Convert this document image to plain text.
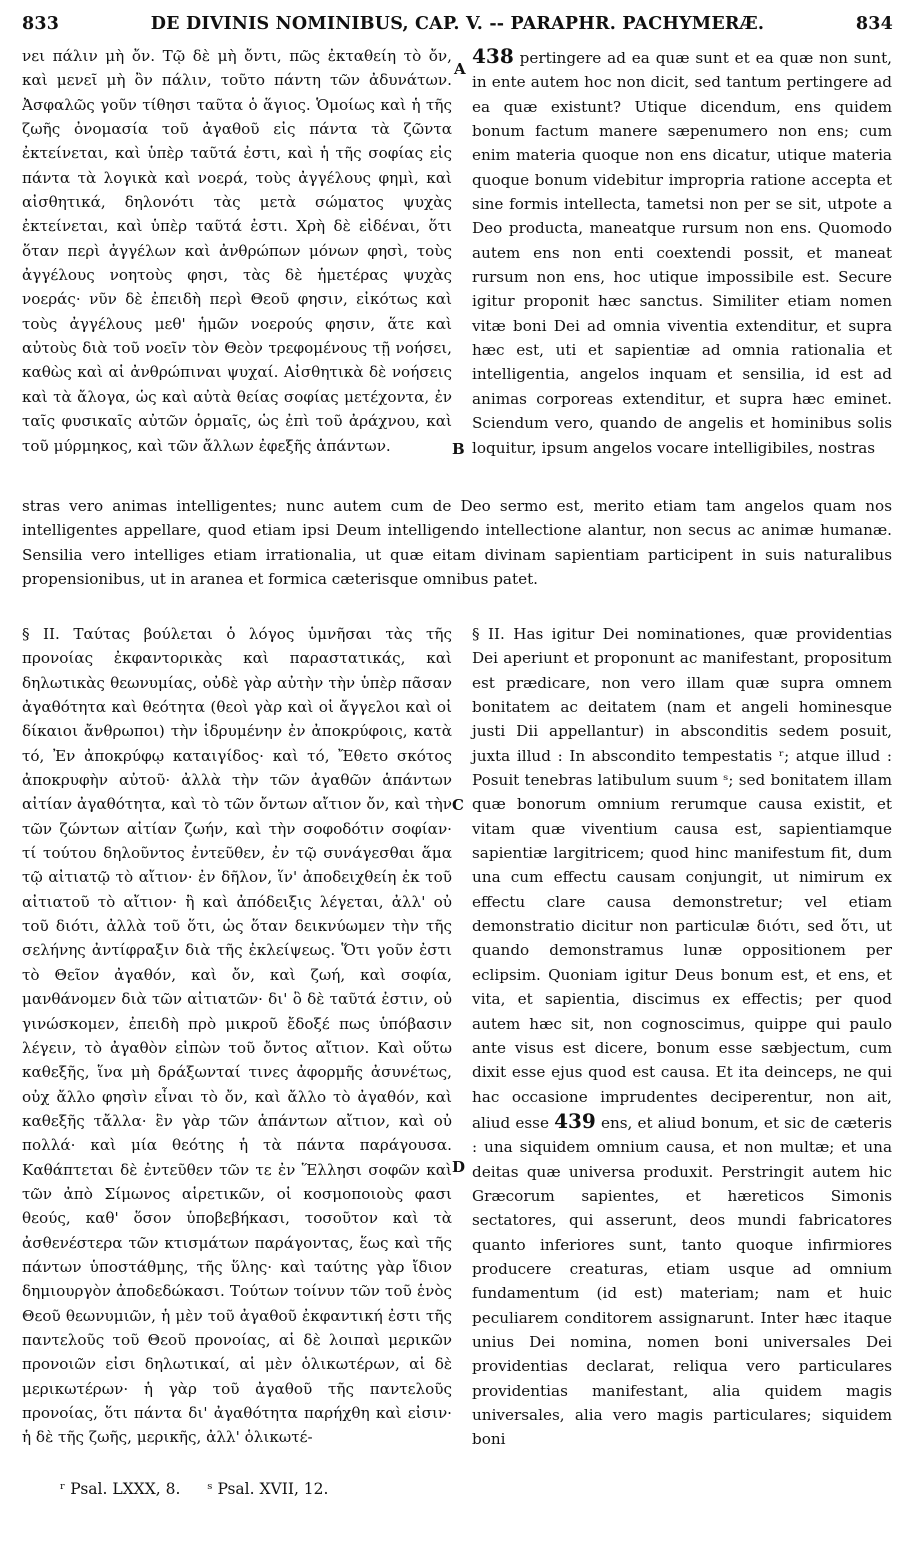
833	DE DIVINIS NOMINIBUS, CAP. V. -- PARAPHR. PACHYMERÆ.	834

νει πάλιν μὴ ὄν. Τῷ δὲ μὴ ὄντι, πῶς ἐκταθείη τὸ ὄν, καὶ μενεῖ μὴ ὂν πάλιν, τοῦτο πάντη τῶν ἀδυνάτων. Ἀσφαλῶς γοῦν τίθησι ταῦτα ὁ ἅγιος. Ὁμοίως καὶ ἡ τῆς ζωῆς ὀνομασία τοῦ ἀγαθοῦ εἰς πάντα τὰ ζῶντα ἐκτείνεται, καὶ ὑπὲρ ταῦτά ἐστι, καὶ ἡ τῆς σοφίας εἰς πάντα τὰ λογικὰ καὶ νοερά, τοὺς ἀγγέλους φημὶ, καὶ αἰσθητικά, δηλονότι τὰς μετὰ σώματος ψυχὰς ἐκτείνεται, καὶ ὑπὲρ ταῦτά ἐστι. Χρὴ δὲ εἰδέναι, ὅτι ὅταν περὶ ἀγγέλων καὶ ἀνθρώπων μόνων φησὶ, τοὺς ἀγγέλους νοητοὺς φησι, τὰς δὲ ἡμετέρας ψυχὰς νοεράς· νῦν δὲ ἐπειδὴ περὶ Θεοῦ φησιν, εἰκότως καὶ τοὺς ἀγγέλους μεθ' ἡμῶν νοερούς φησιν, ἅτε καὶ αὐτοὺς διὰ τοῦ νοεῖν τὸν Θεὸν τρεφομένους τῇ νοήσει, καθὼς καὶ αἱ ἀνθρώπιναι ψυχαί. Αἰσθητικὰ δὲ νοήσεις καὶ τὰ ἄλογα, ὡς καὶ αὐτὰ θείας σοφίας μετέχοντα, ἐν ταῖς φυσικαῖς αὐτῶν ὁρμαῖς, ὡς ἐπὶ τοῦ ἀράχνου, καὶ τοῦ μύρμηκος, καὶ τῶν ἄλλων ἐφεξῆς ἁπάντων.

A

438 pertingere ad ea quæ sunt et ea quæ non sunt, in ente autem hoc non dicit, sed tantum pertingere ad ea quæ existunt? Utique dicendum, ens quidem bonum factum manere sæpenumero non ens; cum enim materia quoque non ens dicatur, utique materia quoque bonum videbitur impropria ratione accepta et sine formis intellecta, tametsi non per se sit, utpote a Deo producta, maneatque rursum non ens. Quomodo autem ens non enti coextendi possit, et maneat rursum non ens, hoc utique impossibile est. Secure igitur proponit hæc sanctus. Similiter etiam nomen vitæ boni Dei ad omnia viventia extenditur, et supra hæc est, uti et sapientiæ ad omnia rationalia et intelligentia, angelos inquam et sensilia, id est ad animas corporeas extenditur, et supra hæc eminet. Sciendum vero, quando de angelis et hominibus solis loquitur, ipsum angelos vocare intelligibiles, nostras

B

stras vero animas intelligentes; nunc autem cum de Deo sermo est, merito etiam tam angelos quam nos intelligentes appellare, quod etiam ipsi Deum intelligendo intellectione alantur, non secus ac animæ humanæ. Sensilia vero intelliges etiam irrationalia, ut quæ eitam divinam sapientiam participent in suis naturalibus propensionibus, ut in aranea et formica cæterisque omnibus patet.

§ II. Ταύτας βούλεται ὁ λόγος ὑμνῆσαι τὰς τῆς προνοίας ἐκφαντορικὰς καὶ παραστατικάς, καὶ δηλωτικὰς θεωνυμίας, οὐδὲ γὰρ αὐτὴν τὴν ὑπὲρ πᾶσαν ἀγαθότητα καὶ θεότητα (θεοὶ γὰρ καὶ οἱ ἄγγελοι καὶ οἱ δίκαιοι ἄνθρωποι) τὴν ἱδρυμένην ἐν ἀποκρύφοις, κατὰ τό, Ἐν ἀποκρύφῳ καταιγίδος· καὶ τό, Ἔθετο σκότος ἀποκρυφὴν αὐτοῦ· ἀλλὰ τὴν τῶν ἀγαθῶν ἁπάντων αἰτίαν ἀγαθότητα, καὶ τὸ τῶν ὄντων αἴτιον ὄν, καὶ τὴν τῶν ζώντων αἰτίαν ζωήν, καὶ τὴν σοφοδότιν σοφίαν· τί τούτου δηλοῦντος ἐντεῦθεν, ἐν τῷ συνάγεσθαι ἅμα τῷ αἰτιατῷ τὸ αἴτιον· ἐν δῆλον, ἵν' ἀποδειχθείη ἐκ τοῦ αἰτιατοῦ τὸ αἴτιον· ἢ καὶ ἀπόδειξις λέγεται, ἀλλ' οὐ τοῦ διότι, ἀλλὰ τοῦ ὅτι, ὡς ὅταν δεικνύωμεν τὴν τῆς σελήνης ἀντίφραξιν διὰ τῆς ἐκλείψεως. Ὅτι γοῦν ἐστι τὸ Θεῖον ἀγαθόν, καὶ ὄν, καὶ ζωή, καὶ σοφία, μανθάνομεν διὰ τῶν αἰτιατῶν· δι' ὃ δὲ ταῦτά ἐστιν, οὐ γινώσκομεν, ἐπειδὴ πρὸ μικροῦ ἔδοξέ πως ὑπόβασιν λέγειν, τὸ ἀγαθὸν εἰπὼν τοῦ ὄντος αἴτιον. Καὶ οὕτω καθεξῆς, ἵνα μὴ δράξωνταί τινες ἀφορμῆς ἀσυνέτως, οὐχ ἄλλο φησὶν εἶναι τὸ ὄν, καὶ ἄλλο τὸ ἀγαθόν, καὶ καθεξῆς τἄλλα· ἓν γὰρ τῶν ἁπάντων αἴτιον, καὶ οὐ πολλά· καὶ μία θεότης ἡ τὰ πάντα παράγουσα. Καθάπτεται δὲ ἐντεῦθεν τῶν τε ἐν Ἕλλησι σοφῶν καὶ τῶν ἀπὸ Σίμωνος αἱρετικῶν, οἱ κοσμοποιοὺς φασι θεούς, καθ' ὅσον ὑποβεβήκασι, τοσοῦτον καὶ τὰ ἀσθενέστερα τῶν κτισμάτων παράγοντας, ἕως καὶ τῆς πάντων ὑποστάθμης, τῆς ὕλης· καὶ ταύτης γὰρ ἴδιον δημιουργὸν ἀποδεδώκασι. Τούτων τοίνυν τῶν τοῦ ἑνὸς Θεοῦ θεωνυμιῶν, ἡ μὲν τοῦ ἀγαθοῦ ἐκφαντική ἐστι τῆς παντελοῦς τοῦ Θεοῦ προνοίας, αἱ δὲ λοιπαὶ μερικῶν προνοιῶν εἰσι δηλωτικαί, αἱ μὲν ὁλικωτέρων, αἱ δὲ μερικωτέρων· ἡ γὰρ τοῦ ἀγαθοῦ τῆς παντελοῦς προνοίας, ὅτι πάντα δι' ἀγαθότητα παρήχθη καὶ εἰσιν· ἡ δὲ τῆς ζωῆς, μερικῆς, ἀλλ' ὁλικωτέ-

C
D

§ II. Has igitur Dei nominationes, quæ providentias Dei aperiunt et proponunt ac manifestant, propositum est prædicare, non vero illam quæ supra omnem bonitatem ac deitatem (nam et angeli hominesque justi Dii appellantur) in absconditis sedem posuit, juxta illud : In abscondito tempestatis ʳ; atque illud : Posuit tenebras latibulum suum ˢ; sed bonitatem illam quæ bonorum omnium rerumque causa existit, et vitam quæ viventium causa est, sapientiamque sapientiæ largitricem; quod hinc manifestum fit, dum una cum effectu causam conjungit, ut nimirum ex effectu clare causa demonstretur; vel etiam demonstratio dicitur non particulæ διότι, sed ὅτι, ut quando demonstramus lunæ oppositionem per eclipsim. Quoniam igitur Deus bonum est, et ens, et vita, et sapientia, discimus ex effectis; per quod autem hæc sit, non cognoscimus, quippe qui paulo ante visus est dicere, bonum esse sæbjectum, cum dixit esse ejus quod est causa. Et ita deinceps, ne qui hac occasione imprudentes deciperentur, non ait, aliud esse 439 ens, et aliud bonum, et sic de cæteris : una siquidem omnium causa, et non multæ; et una deitas quæ universa produxit. Perstringit autem hic Græcorum sapientes, et hæreticos Simonis sectatores, qui asserunt, deos mundi fabricatores quanto inferiores sunt, tanto quoque infirmiores producere creaturas, etiam usque ad omnium fundamentum (id est) materiam; nam et huic peculiarem conditorem assignarunt. Inter hæc itaque unius Dei nomina, nomen boni universales Dei providentias declarat, reliqua vero particulares providentias manifestant, alia quidem magis universales, alia vero magis particulares; siquidem boni

ʳ Psal. LXXX, 8. ˢ Psal. XVII, 12.
